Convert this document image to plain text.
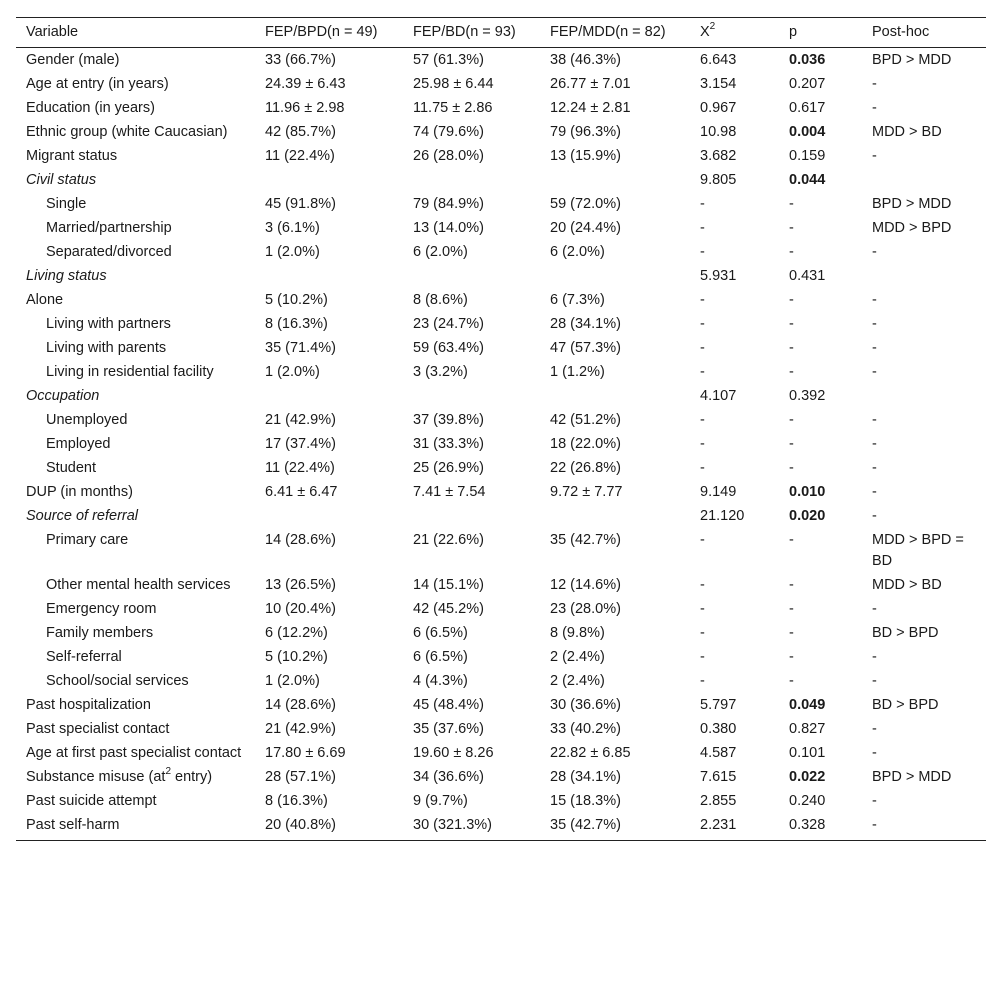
Variable	FEP/BPD(n = 49)	FEP/BD(n = 93)	FEP/MDD(n = 82)	$X^2$	p	Post-hoc
Gender (male)	33 (66.7%)	57 (61.3%)	38 (46.3%)	6.643	0.036	BPD > MDD
Age at entry (in years)	24.39 ± 6.43	25.98 ± 6.44	26.77 ± 7.01	3.154	0.207	-
Education (in years)	11.96 ± 2.98	11.75 ± 2.86	12.24 ± 2.81	0.967	0.617	-
Ethnic group (white Caucasian)	42 (85.7%)	74 (79.6%)	79 (96.3%)	10.98	0.004	MDD > BD
Migrant status	11 (22.4%)	26 (28.0%)	13 (15.9%)	3.682	0.159	-
Civil status				9.805	0.044	
Single	45 (91.8%)	79 (84.9%)	59 (72.0%)	-	-	BPD > MDD
Married/partnership	3 (6.1%)	13 (14.0%)	20 (24.4%)	-	-	MDD > BPD
Separated/divorced	1 (2.0%)	6 (2.0%)	6 (2.0%)	-	-	-
Living status				5.931	0.431	
Alone	5 (10.2%)	8 (8.6%)	6 (7.3%)	-	-	-
Living with partners	8 (16.3%)	23 (24.7%)	28 (34.1%)	-	-	-
Living with parents	35 (71.4%)	59 (63.4%)	47 (57.3%)	-	-	-
Living in residential facility	1 (2.0%)	3 (3.2%)	1 (1.2%)	-	-	-
Occupation				4.107	0.392	
Unemployed	21 (42.9%)	37 (39.8%)	42 (51.2%)	-	-	-
Employed	17 (37.4%)	31 (33.3%)	18 (22.0%)	-	-	-
Student	11 (22.4%)	25 (26.9%)	22 (26.8%)	-	-	-
DUP (in months)	6.41 ± 6.47	7.41 ± 7.54	9.72 ± 7.77	9.149	0.010	-
Source of referral				21.120	0.020	-
Primary care	14 (28.6%)	21 (22.6%)	35 (42.7%)	-	-	MDD > BPD = BD
Other mental health services	13 (26.5%)	14 (15.1%)	12 (14.6%)	-	-	MDD > BD
Emergency room	10 (20.4%)	42 (45.2%)	23 (28.0%)	-	-	-
Family members	6 (12.2%)	6 (6.5%)	8 (9.8%)	-	-	BD > BPD
Self-referral	5 (10.2%)	6 (6.5%)	2 (2.4%)	-	-	-
School/social services	1 (2.0%)	4 (4.3%)	2 (2.4%)	-	-	-
Past hospitalization	14 (28.6%)	45 (48.4%)	30 (36.6%)	5.797	0.049	BD > BPD
Past specialist contact	21 (42.9%)	35 (37.6%)	33 (40.2%)	0.380	0.827	-
Age at first past specialist contact	17.80 ± 6.69	19.60 ± 8.26	22.82 ± 6.85	4.587	0.101	-
Substance misuse ($at^2$ entry)	28 (57.1%)	34 (36.6%)	28 (34.1%)	7.615	0.022	BPD > MDD
Past suicide attempt	8 (16.3%)	9 (9.7%)	15 (18.3%)	2.855	0.240	-
Past self-harm	20 (40.8%)	30 (321.3%)	35 (42.7%)	2.231	0.328	-
